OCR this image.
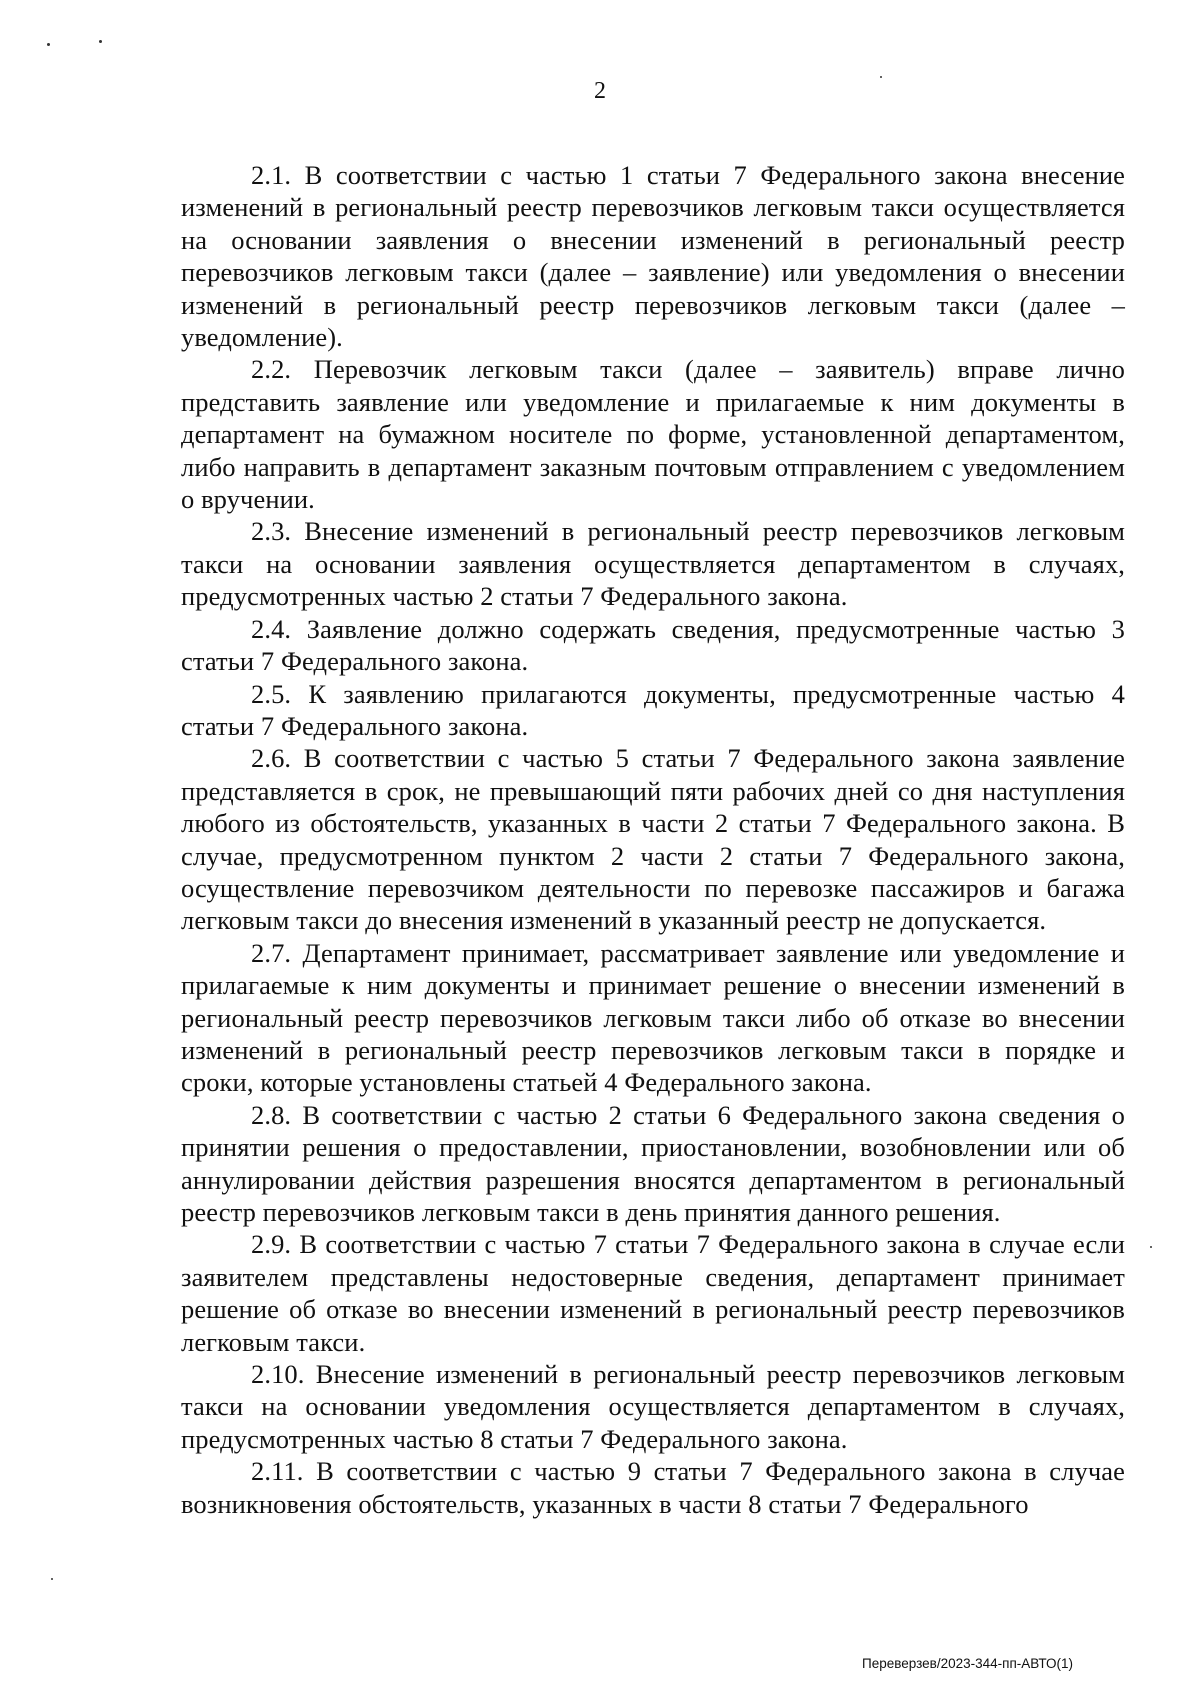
2

2.1. В соответствии с частью 1 статьи 7 Федерального закона внесение изменений в региональный реестр перевозчиков легковым такси осуществляется на основании заявления о внесении изменений в региональный реестр перевозчиков легковым такси (далее – заявление) или уведомления о внесении изменений в региональный реестр перевозчиков легковым такси (далее – уведомление).

2.2. Перевозчик легковым такси (далее – заявитель) вправе лично представить заявление или уведомление и прилагаемые к ним документы в департамент на бумажном носителе по форме, установленной департаментом, либо направить в департамент заказным почтовым отправлением с уведомлением о вручении.

2.3. Внесение изменений в региональный реестр перевозчиков легковым такси на основании заявления осуществляется департаментом в случаях, предусмотренных частью 2 статьи 7 Федерального закона.

2.4. Заявление должно содержать сведения, предусмотренные частью 3 статьи 7 Федерального закона.

2.5. К заявлению прилагаются документы, предусмотренные частью 4 статьи 7 Федерального закона.

2.6. В соответствии с частью 5 статьи 7 Федерального закона заявление представляется в срок, не превышающий пяти рабочих дней со дня наступления любого из обстоятельств, указанных в части 2 статьи 7 Федерального закона. В случае, предусмотренном пунктом 2 части 2 статьи 7 Федерального закона, осуществление перевозчиком деятельности по перевозке пассажиров и багажа легковым такси до внесения изменений в указанный реестр не допускается.

2.7. Департамент принимает, рассматривает заявление или уведомление и прилагаемые к ним документы и принимает решение о внесении изменений в региональный реестр перевозчиков легковым такси либо об отказе во внесении изменений в региональный реестр перевозчиков легковым такси в порядке и сроки, которые установлены статьей 4 Федерального закона.

2.8. В соответствии с частью 2 статьи 6 Федерального закона сведения о принятии решения о предоставлении, приостановлении, возобновлении или об аннулировании действия разрешения вносятся департаментом в региональный реестр перевозчиков легковым такси в день принятия данного решения.

2.9. В соответствии с частью 7 статьи 7 Федерального закона в случае если заявителем представлены недостоверные сведения, департамент принимает решение об отказе во внесении изменений в региональный реестр перевозчиков легковым такси.

2.10. Внесение изменений в региональный реестр перевозчиков легковым такси на основании уведомления осуществляется департаментом в случаях, предусмотренных частью 8 статьи 7 Федерального закона.

2.11. В соответствии с частью 9 статьи 7 Федерального закона в случае возникновения обстоятельств, указанных в части 8 статьи 7 Федерального

Переверзев/2023-344-пп-АВТО(1)
